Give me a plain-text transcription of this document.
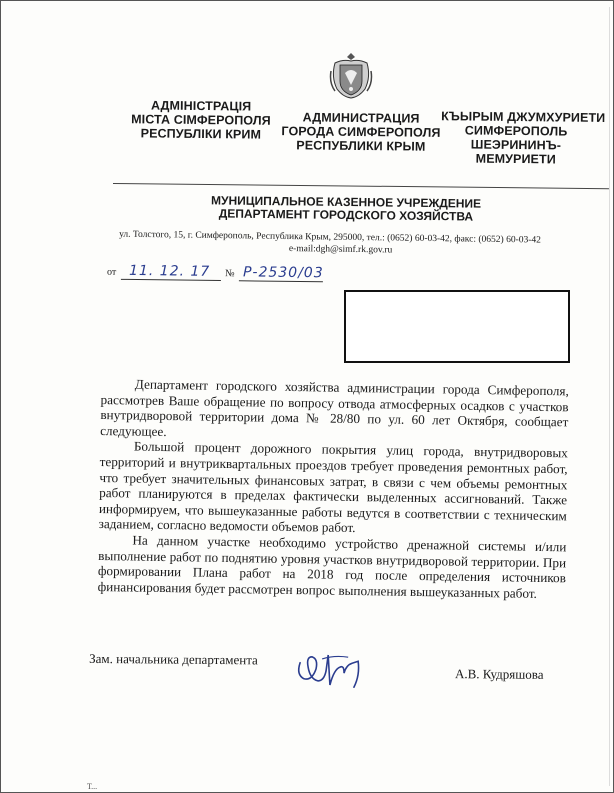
АДМІНІСТРАЦІЯ
МІСТА СІМФЕРОПОЛЯ
РЕСПУБЛІКИ КРИМ
АДМИНИСТРАЦИЯ
ГОРОДА СИМФЕРОПОЛЯ
РЕСПУБЛИКИ КРЫМ
КЪЫРЫМ ДЖУМХУРИЕТИ
СИМФЕРОПОЛЬ
ШЕЭРИНИНЪ-
МЕМУРИЕТИ
МУНИЦИПАЛЬНОЕ КАЗЕННОЕ УЧРЕЖДЕНИЕ
ДЕПАРТАМЕНТ ГОРОДСКОГО ХОЗЯЙСТВА
ул. Толстого, 15, г. Симферополь, Республика Крым, 295000, тел.: (0652) 60-03-42, факс: (0652) 60-03-42
e-mail:dgh@simf.rk.gov.ru
от 11. 12. 17 № Р-2530/03

Департамент городского хозяйства администрации города Симферополя, рассмотрев Ваше обращение по вопросу отвода атмосферных осадков с участков внутридворовой территории дома № 28/80 по ул. 60 лет Октября, сообщает следующее.

Большой процент дорожного покрытия улиц города, внутридворовых территорий и внутриквартальных проездов требует проведения ремонтных работ, что требует значительных финансовых затрат, в связи с чем объемы ремонтных работ планируются в пределах фактически выделенных ассигнований. Также информируем, что вышеуказанные работы ведутся в соответствии с техническим заданием, согласно ведомости объемов работ.

На данном участке необходимо устройство дренажной системы и/или выполнение работ по поднятию уровня участков внутридворовой территории. При формировании Плана работ на 2018 год после определения источников финансирования будет рассмотрен вопрос выполнения вышеуказанных работ.

Зам. начальника департамента
А.В. Кудряшова
Т...
